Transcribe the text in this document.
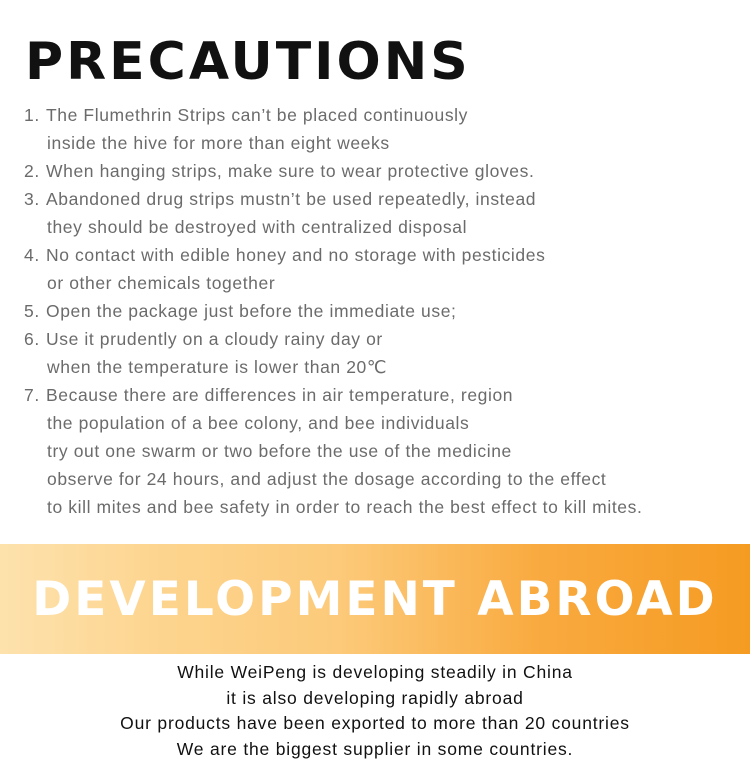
PRECAUTIONS
1. The Flumethrin Strips can’t be placed continuously
inside the hive for more than eight weeks
2. When hanging strips, make sure to wear protective gloves.
3. Abandoned drug strips mustn’t be used repeatedly, instead
they should be destroyed with centralized disposal
4. No contact with edible honey and no storage with pesticides
or other chemicals together
5. Open the package just before the immediate use;
6. Use it prudently on a cloudy rainy day or
when the temperature is lower than 20℃
7. Because there are differences in air temperature, region
the population of a bee colony, and bee individuals
try out one swarm or two before the use of the medicine
observe for 24 hours, and adjust the dosage according to the effect
to kill mites and bee safety in order to reach the best effect to kill mites.
DEVELOPMENT ABROAD

While WeiPeng is developing steadily in China

it is also developing rapidly abroad

Our products have been exported to more than 20 countries

We are the biggest supplier in some countries.
